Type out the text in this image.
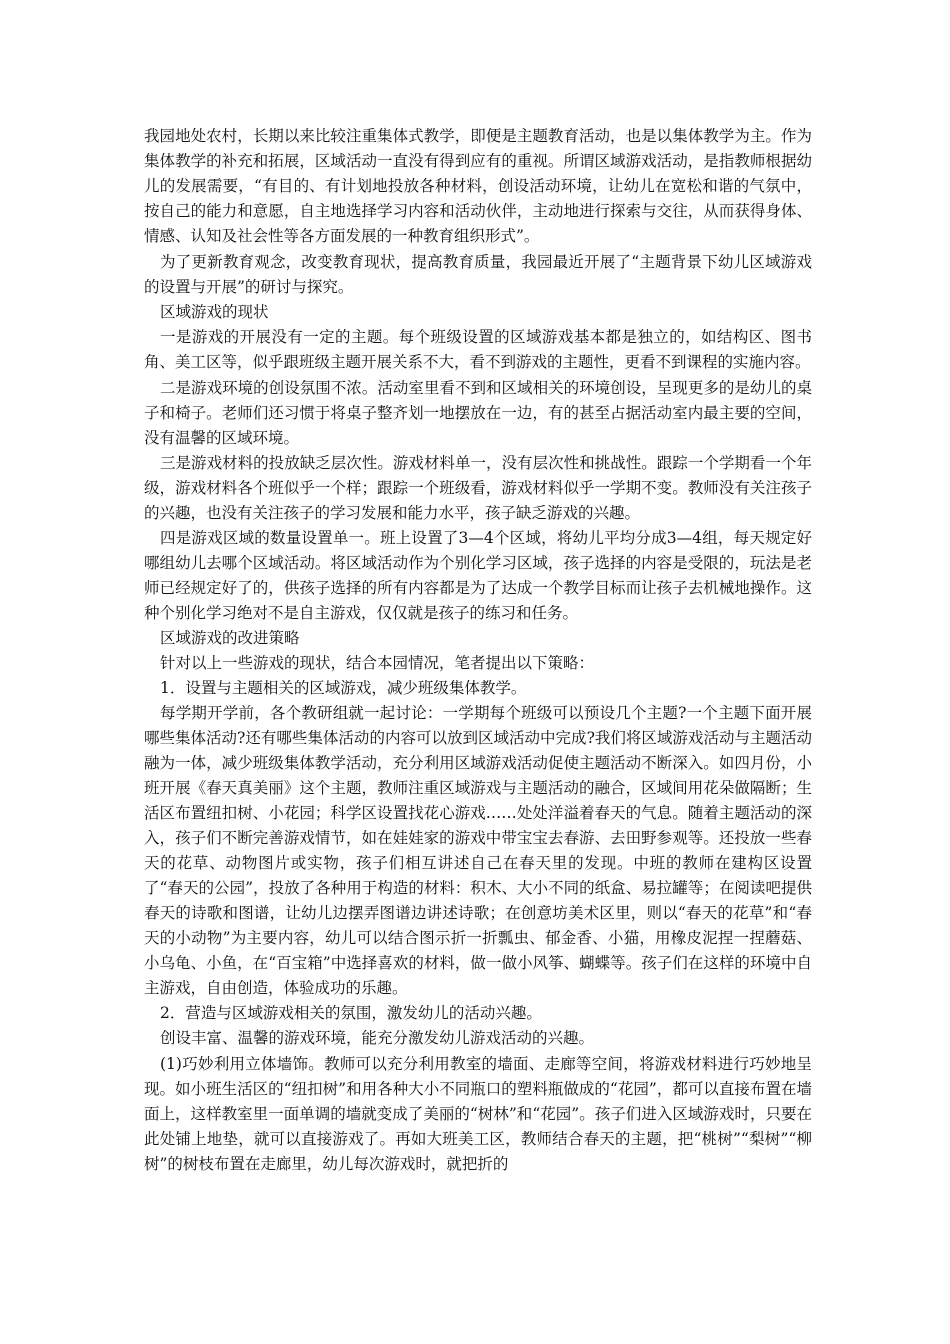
我园地处农村，长期以来比较注重集体式教学，即便是主题教育活动，也是以集体教学为主。作为集体教学的补充和拓展，区域活动一直没有得到应有的重视。所谓区域游戏活动，是指教师根据幼儿的发展需要，“有目的、有计划地投放各种材料，创设活动环境，让幼儿在宽松和谐的气氛中，按自己的能力和意愿，自主地选择学习内容和活动伙伴，主动地进行探索与交往，从而获得身体、情感、认知及社会性等各方面发展的一种教育组织形式”。

为了更新教育观念，改变教育现状，提高教育质量，我园最近开展了“主题背景下幼儿区域游戏的设置与开展”的研讨与探究。

区域游戏的现状

一是游戏的开展没有一定的主题。每个班级设置的区域游戏基本都是独立的，如结构区、图书角、美工区等，似乎跟班级主题开展关系不大，看不到游戏的主题性，更看不到课程的实施内容。

二是游戏环境的创设氛围不浓。活动室里看不到和区域相关的环境创设，呈现更多的是幼儿的桌子和椅子。老师们还习惯于将桌子整齐划一地摆放在一边，有的甚至占据活动室内最主要的空间，没有温馨的区域环境。

三是游戏材料的投放缺乏层次性。游戏材料单一，没有层次性和挑战性。跟踪一个学期看一个年级，游戏材料各个班似乎一个样；跟踪一个班级看，游戏材料似乎一学期不变。教师没有关注孩子的兴趣，也没有关注孩子的学习发展和能力水平，孩子缺乏游戏的兴趣。

四是游戏区域的数量设置单一。班上设置了3—4个区域，将幼儿平均分成3—4组，每天规定好哪组幼儿去哪个区域活动。将区域活动作为个别化学习区域，孩子选择的内容是受限的，玩法是老师已经规定好了的，供孩子选择的所有内容都是为了达成一个教学目标而让孩子去机械地操作。这种个别化学习绝对不是自主游戏，仅仅就是孩子的练习和任务。

区域游戏的改进策略

针对以上一些游戏的现状，结合本园情况，笔者提出以下策略：

1．设置与主题相关的区域游戏，减少班级集体教学。

每学期开学前，各个教研组就一起讨论：一学期每个班级可以预设几个主题?一个主题下面开展哪些集体活动?还有哪些集体活动的内容可以放到区域活动中完成?我们将区域游戏活动与主题活动融为一体，减少班级集体教学活动，充分利用区域游戏活动促使主题活动不断深入。如四月份，小班开展《春天真美丽》这个主题，教师注重区域游戏与主题活动的融合，区域间用花朵做隔断；生活区布置纽扣树、小花园；科学区设置找花心游戏……处处洋溢着春天的气息。随着主题活动的深入，孩子们不断完善游戏情节，如在娃娃家的游戏中带宝宝去春游、去田野参观等。还投放一些春天的花草、动物图片或实物，孩子们相互讲述自己在春天里的发现。中班的教师在建构区设置了“春天的公园”，投放了各种用于构造的材料：积木、大小不同的纸盒、易拉罐等；在阅读吧提供春天的诗歌和图谱，让幼儿边摆弄图谱边讲述诗歌；在创意坊美术区里，则以“春天的花草”和“春天的小动物”为主要内容，幼儿可以结合图示折一折瓢虫、郁金香、小猫，用橡皮泥捏一捏蘑菇、小乌龟、小鱼，在“百宝箱”中选择喜欢的材料，做一做小风筝、蝴蝶等。孩子们在这样的环境中自主游戏，自由创造，体验成功的乐趣。

2．营造与区域游戏相关的氛围，激发幼儿的活动兴趣。

创设丰富、温馨的游戏环境，能充分激发幼儿游戏活动的兴趣。

(1)巧妙利用立体墙饰。教师可以充分利用教室的墙面、走廊等空间，将游戏材料进行巧妙地呈现。如小班生活区的“纽扣树”和用各种大小不同瓶口的塑料瓶做成的“花园”，都可以直接布置在墙面上，这样教室里一面单调的墙就变成了美丽的“树林”和“花园”。孩子们进入区域游戏时，只要在此处铺上地垫，就可以直接游戏了。再如大班美工区，教师结合春天的主题，把“桃树”“梨树”“柳树”的树枝布置在走廊里，幼儿每次游戏时，就把折的
